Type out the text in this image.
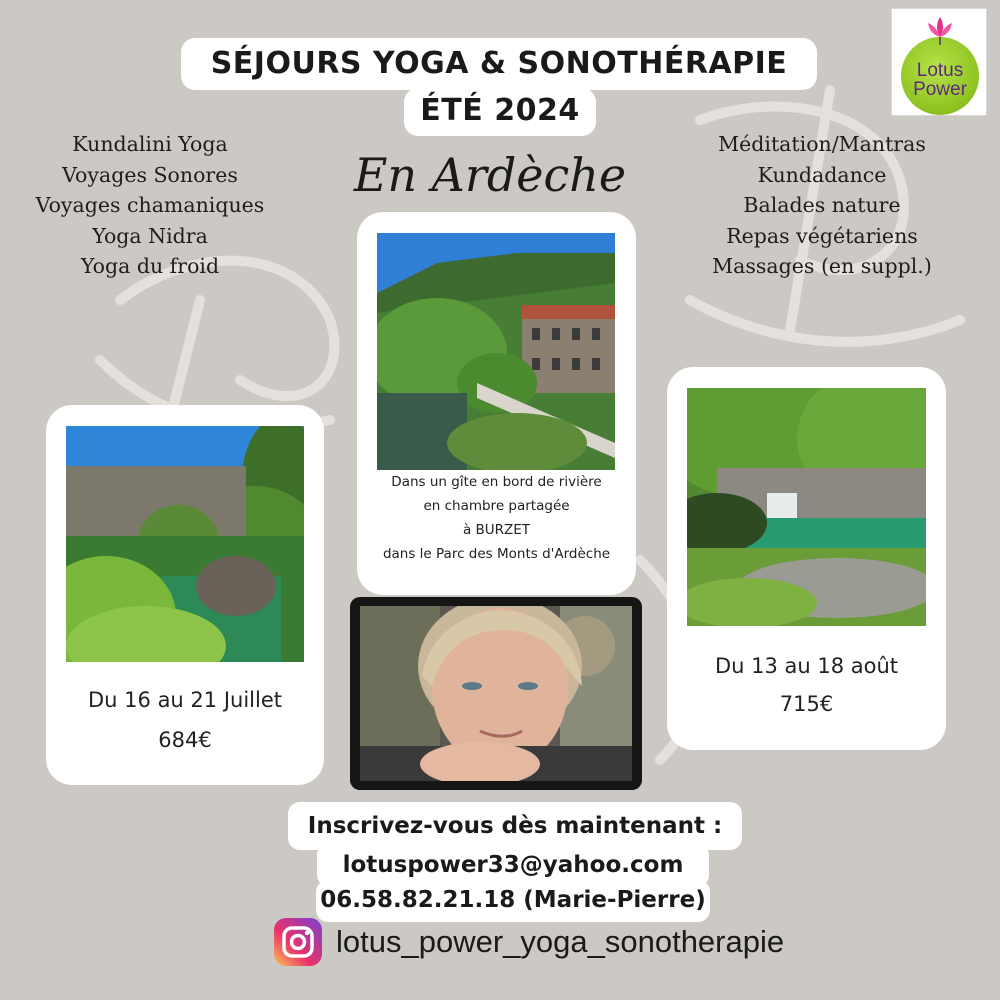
SÉJOURS YOGA & SONOTHÉRAPIE
ÉTÉ 2024
En Ardèche
Kundalini Yoga
Voyages Sonores
Voyages chamaniques
Yoga Nidra
Yoga du froid
Méditation/Mantras
Kundadance
Balades nature
Repas végétariens
Massages (en suppl.)
Lotus
Power
Du 16 au 21 Juillet
684€
Du 13 au 18 août
715€
Dans un gîte en bord de rivière
en chambre partagée
à BURZET
dans le Parc des Monts d'Ardèche
Inscrivez-vous dès maintenant :
lotuspower33@yahoo.com
06.58.82.21.18 (Marie-Pierre)
lotus_power_yoga_sonotherapie
